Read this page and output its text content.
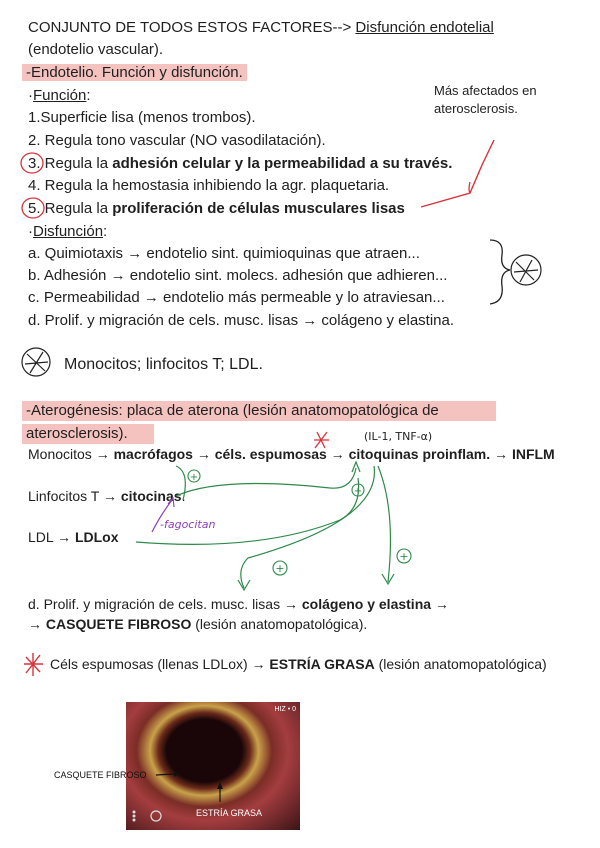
CONJUNTO DE TODOS ESTOS FACTORES--> Disfunción endotelial
(endotelio vascular).
-Endotelio. Función y disfunción.
·Función:
1.Superficie lisa (menos trombos).
2. Regula tono vascular (NO vasodilatación).
3. Regula la adhesión celular y la permeabilidad a su través.
4. Regula la hemostasia inhibiendo la agr. plaquetaria.
5. Regula la proliferación de células musculares lisas
Más afectados en
aterosclerosis.
·Disfunción:
a. Quimiotaxis → endotelio sint. quimioquinas que atraen...
b. Adhesión → endotelio sint. molecs. adhesión que adhieren...
c. Permeabilidad → endotelio más permeable y lo atraviesan...
d. Prolif. y migración de cels. musc. lisas → colágeno y elastina.
Monocitos; linfocitos T; LDL.
-Aterogénesis: placa de aterona (lesión anatomopatológica de
aterosclerosis).
Monocitos → macrófagos → céls. espumosas → citoquinas proinflam. → INFLM
Linfocitos T → citocinas.
LDL → LDLox
d. Prolif. y migración de cels. musc. lisas → colágeno y elastina →
→ CASQUETE FIBROSO (lesión anatomopatológica).
Céls espumosas (llenas LDLox) → ESTRÍA GRASA (lesión anatomopatológica)
HIZ • 0
ESTRÍA GRASA
CASQUETE FIBROSO
+
+
+
+
-fagocitan
(IL-1, TNF-α)
